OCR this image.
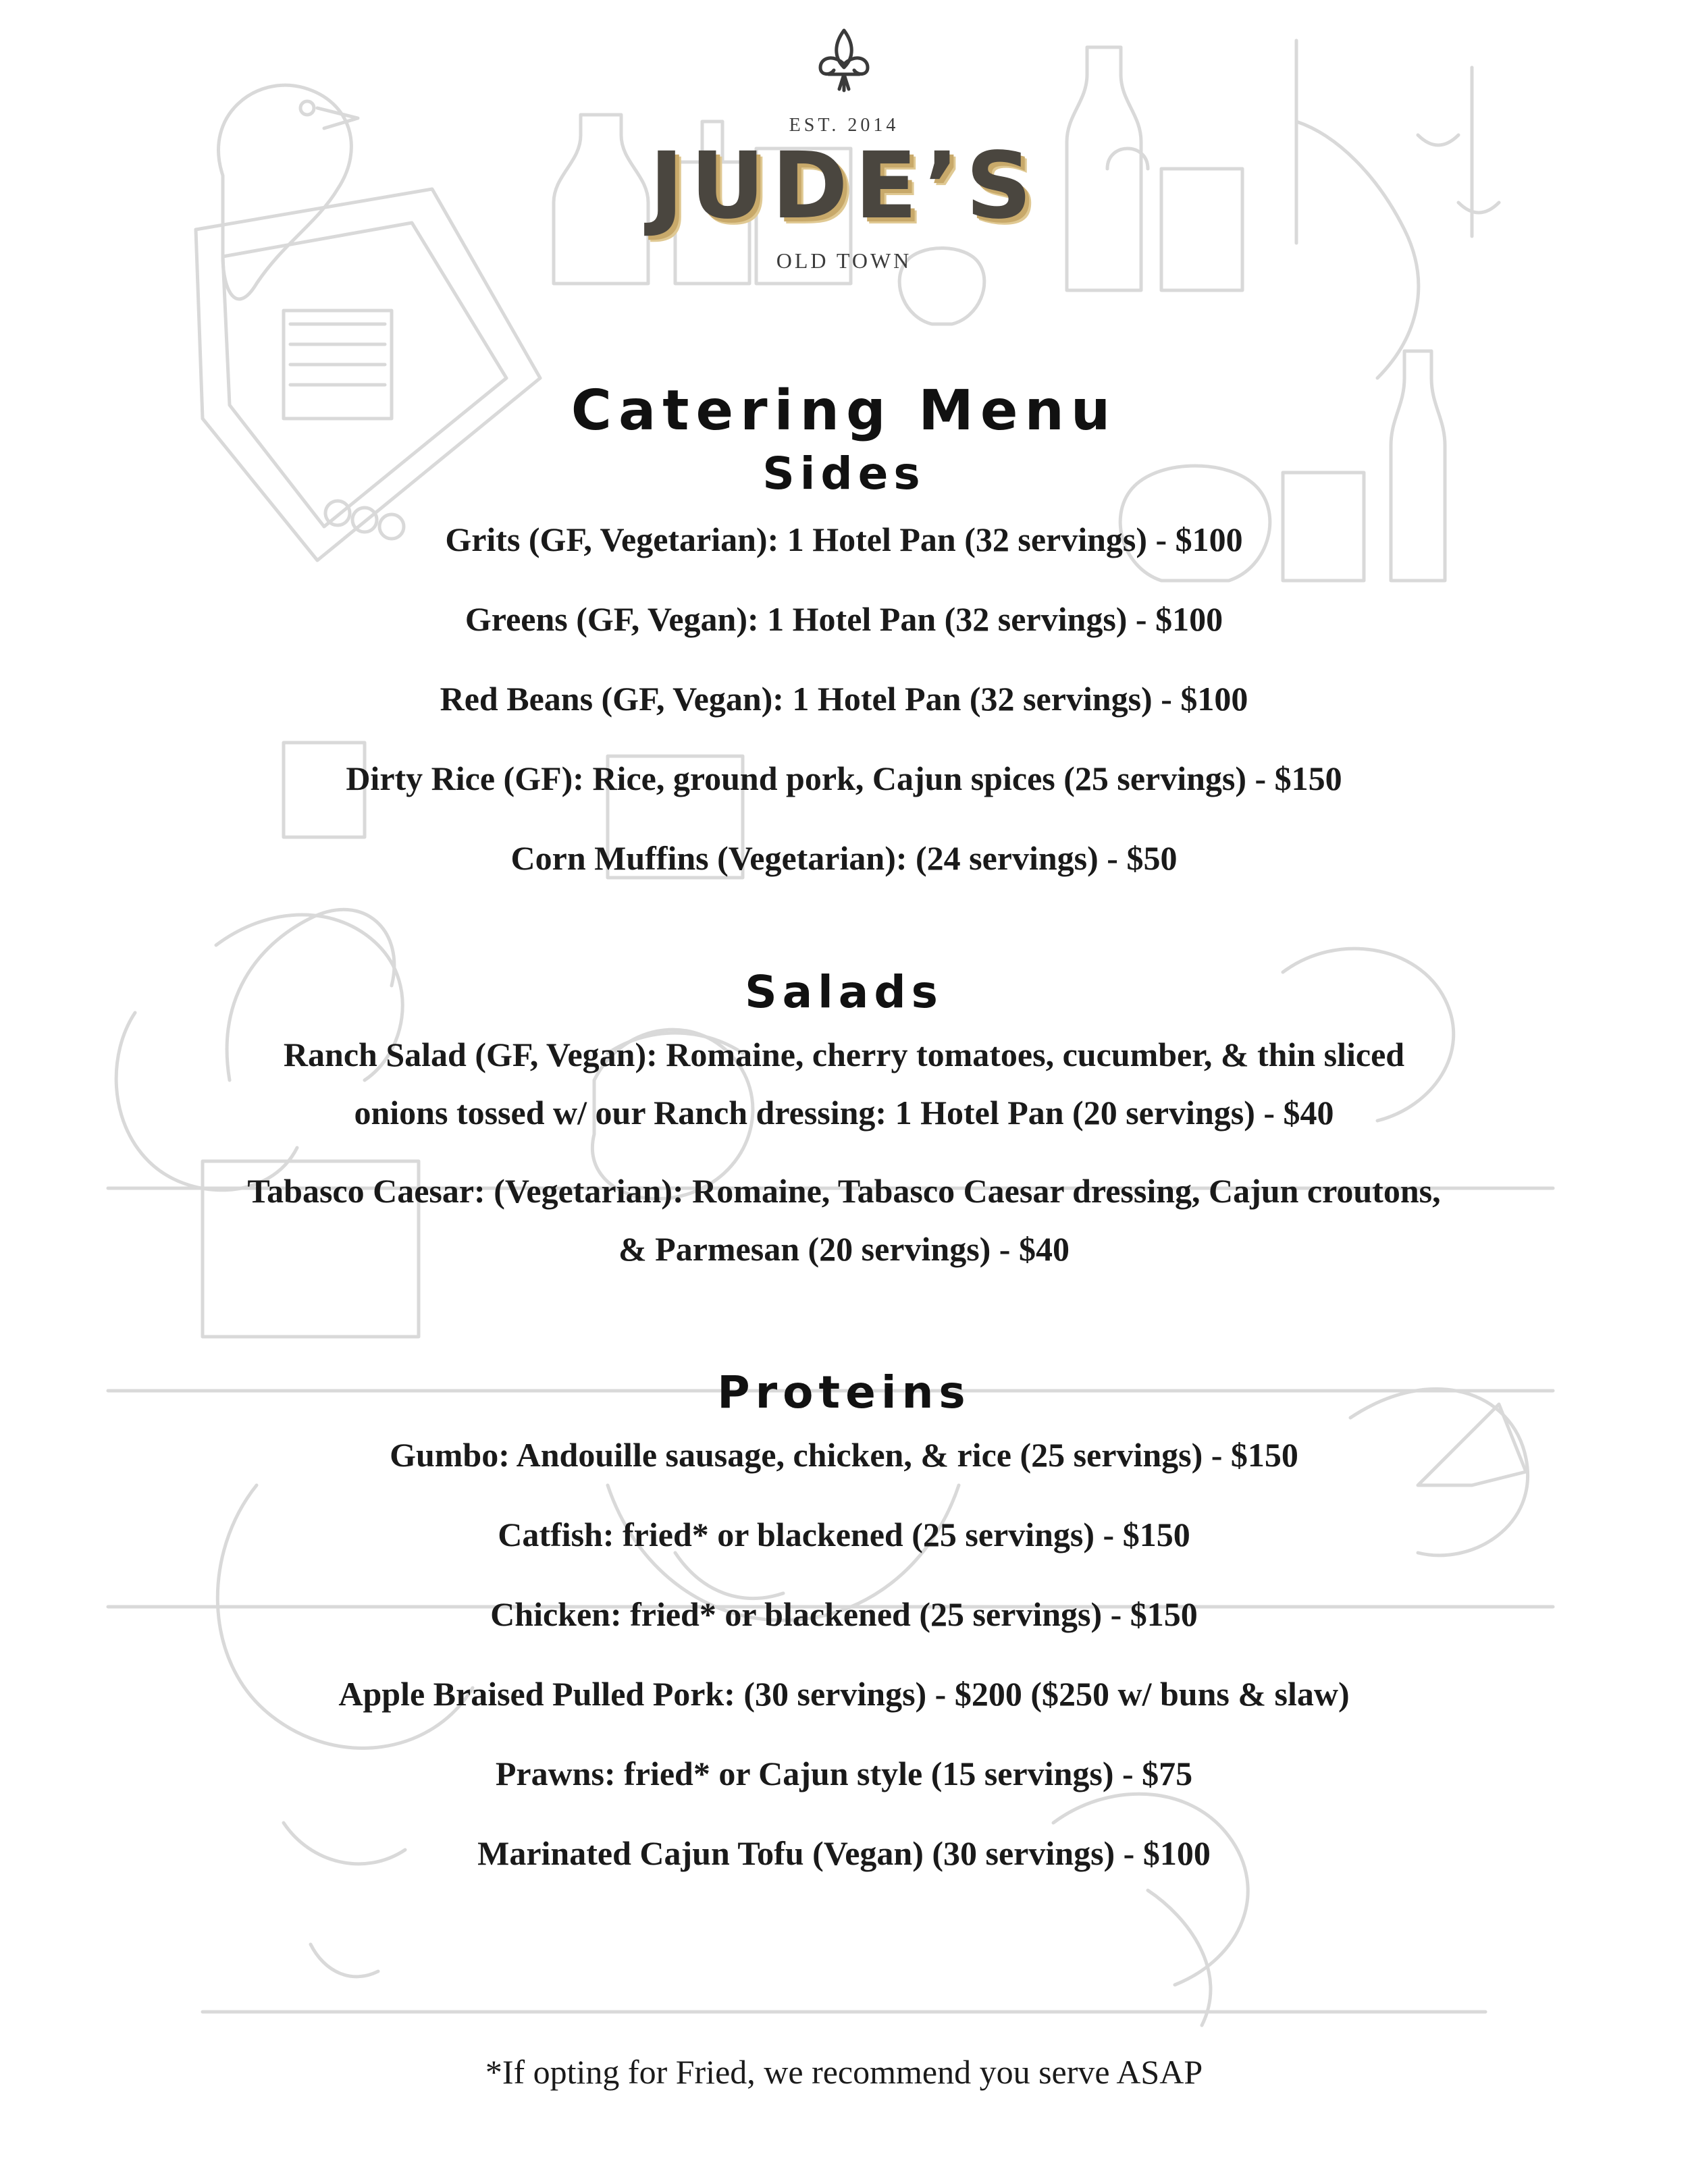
EST. 2014
JUDE’S
OLD TOWN
Catering Menu
Sides
Grits (GF, Vegetarian): 1 Hotel Pan (32 servings) - $100
Greens (GF, Vegan): 1 Hotel Pan (32 servings) - $100
Red Beans (GF, Vegan): 1 Hotel Pan (32 servings) - $100
Dirty Rice (GF): Rice, ground pork, Cajun spices (25 servings) - $150
Corn Muffins (Vegetarian): (24 servings) - $50
Salads
Ranch Salad (GF, Vegan): Romaine, cherry tomatoes, cucumber, & thin sliced onions tossed w/ our Ranch dressing: 1 Hotel Pan (20 servings) - $40
Tabasco Caesar: (Vegetarian): Romaine, Tabasco Caesar dressing, Cajun croutons, & Parmesan (20 servings) - $40
Proteins
Gumbo: Andouille sausage, chicken, & rice (25 servings) - $150
Catfish: fried* or blackened (25 servings) - $150
Chicken: fried* or blackened (25 servings) - $150
Apple Braised Pulled Pork: (30 servings) - $200 ($250 w/ buns & slaw)
Prawns: fried* or Cajun style (15 servings) - $75
Marinated Cajun Tofu (Vegan) (30 servings) - $100
*If opting for Fried, we recommend you serve ASAP
